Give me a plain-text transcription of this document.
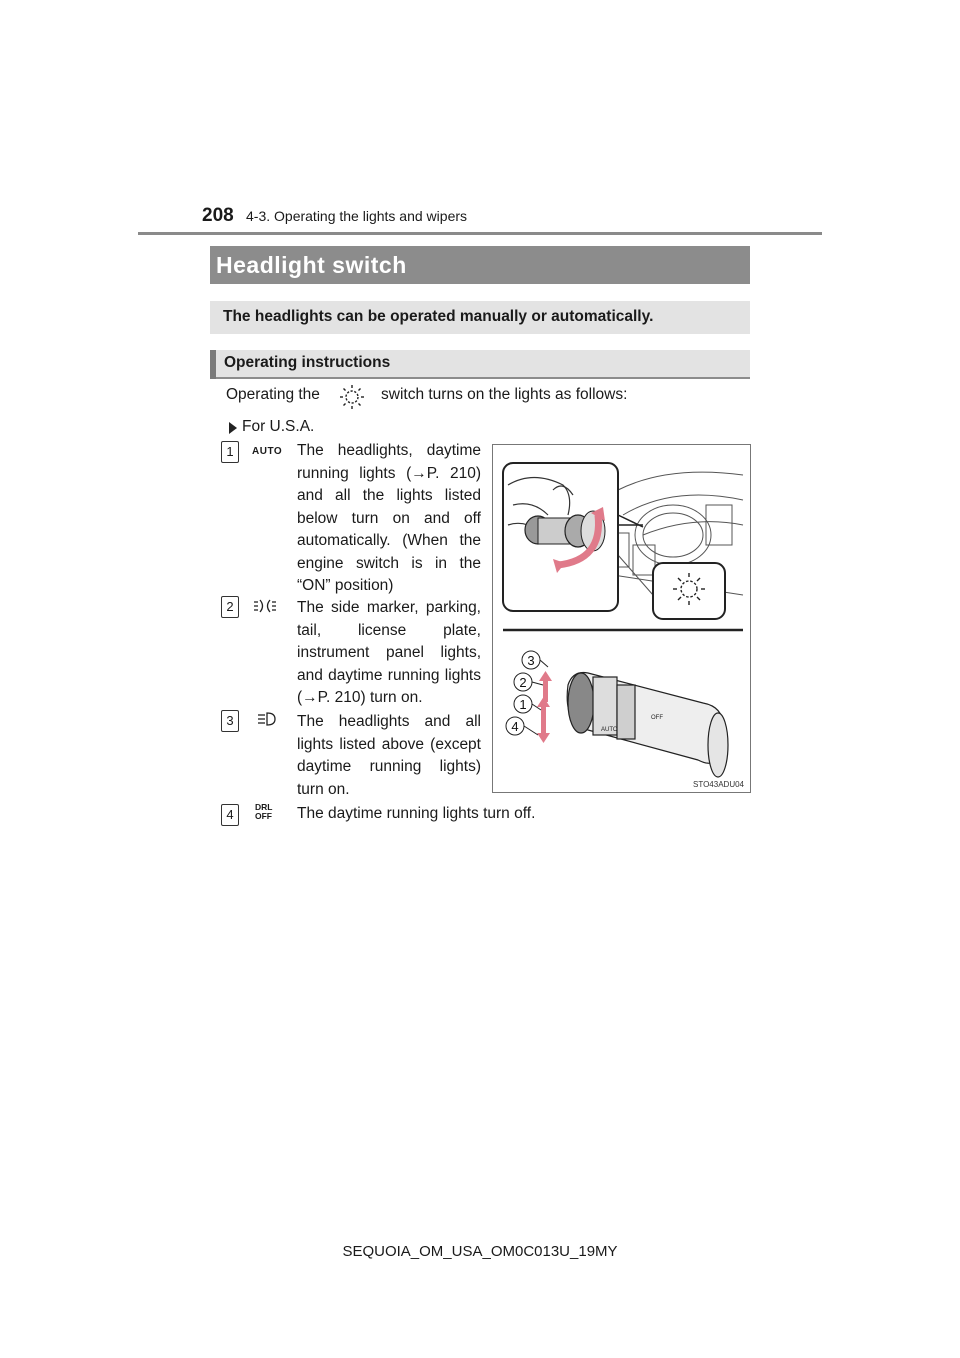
208 4-3. Operating the lights and wipers
Headlight switch
The headlights can be operated manually or automatically.
Operating instructions
Operating the	switch turns on the lights as follows:
For U.S.A.
1	AUTO The headlights, daytime running lights (→P. 210) and all the lights listed below turn on and off automatically. (When the engine switch is in the “ON” position)
2	The side marker, parking, tail, license plate, instrument panel lights, and daytime running lights (→P. 210) turn on.
3	The headlights and all lights listed above (except daytime running lights) turn on.
4	DRL OFF	The daytime running lights turn off.
3
2
1
4	AUTO
OFF
STO43ADU04
SEQUOIA_OM_USA_OM0C013U_19MY
